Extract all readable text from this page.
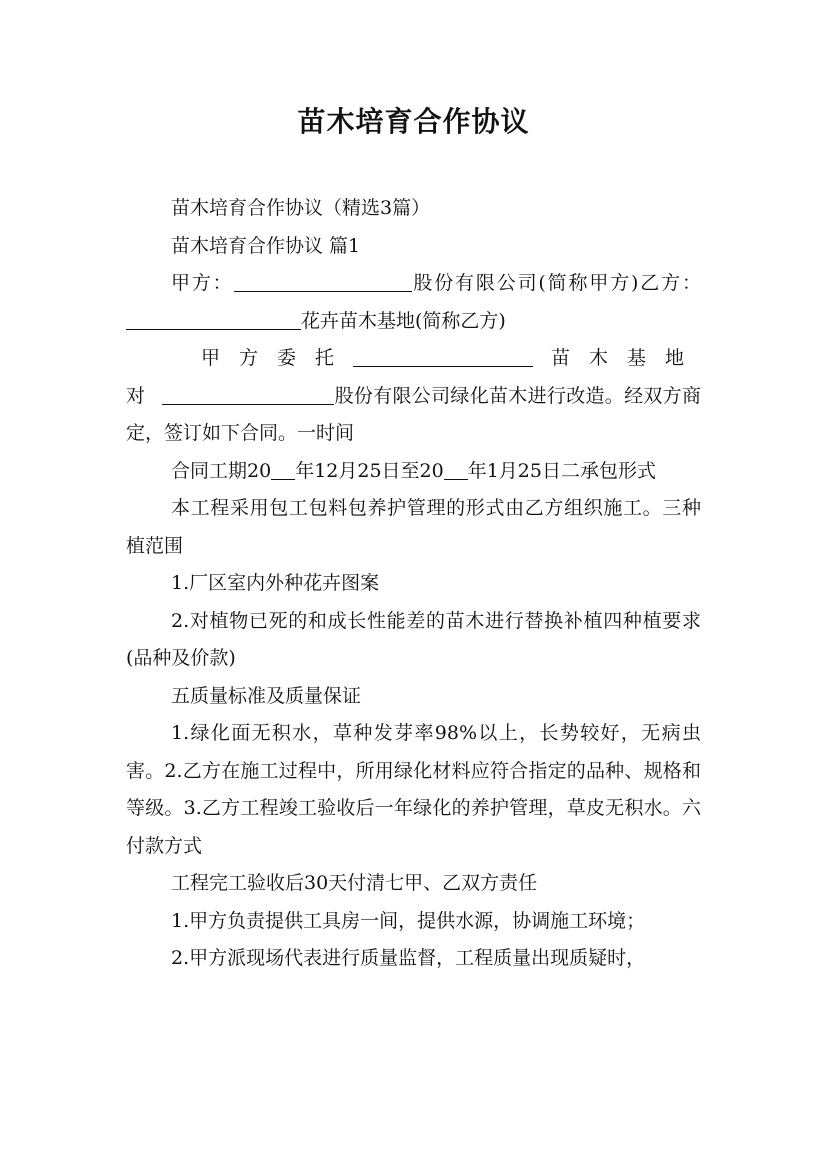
苗木培育合作协议

苗木培育合作协议（精选3篇）

苗木培育合作协议 篇1

甲方：	股份有限公司(简称甲方)乙方：花卉苗木基地(简称乙方)

甲方委托	苗木基地对	股份有限公司绿化苗木进行改造。经双方商定，签订如下合同。一时间

合同工期20 年12月25日至20 年1月25日二承包形式

本工程采用包工包料包养护管理的形式由乙方组织施工。三种植范围

1.厂区室内外种花卉图案

2.对植物已死的和成长性能差的苗木进行替换补植四种植要求(品种及价款)

五质量标准及质量保证

1.绿化面无积水，草种发芽率98%以上，长势较好，无病虫害。2.乙方在施工过程中，所用绿化材料应符合指定的品种、规格和等级。3.乙方工程竣工验收后一年绿化的养护管理，草皮无积水。六付款方式

工程完工验收后30天付清七甲、乙双方责任

1.甲方负责提供工具房一间，提供水源，协调施工环境；

2.甲方派现场代表进行质量监督，工程质量出现质疑时，
